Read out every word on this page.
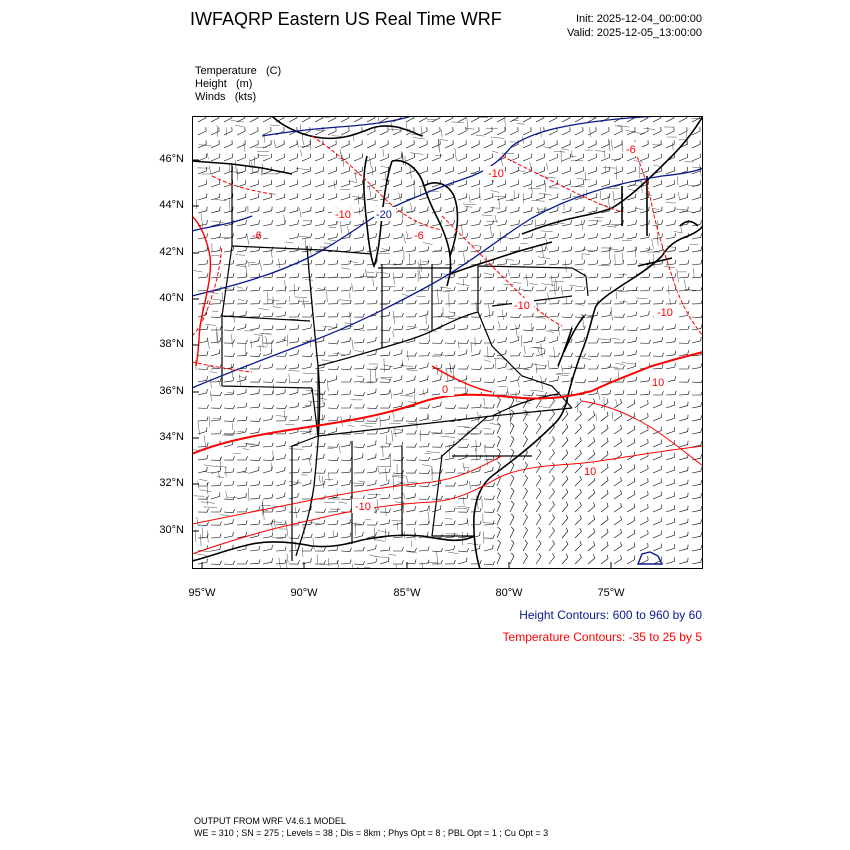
IWFAQRP Eastern US Real Time WRF	Init: 2025-12-04_00:00:00
Valid: 2025-12-05_13:00:00
Temperature (C)
Height (m)
Winds (kts)
-10
-20
-10
-6
-10
-10
-6
-10
0
10
10
-6
46°N
44°N
42°N
40°N
38°N
36°N
34°N
32°N
30°N
95°W	90°W	85°W	80°W	75°W
Height Contours: 600 to 960 by 60
Temperature Contours: -35 to 25 by 5
OUTPUT FROM WRF V4.6.1 MODEL
WE = 310 ; SN = 275 ; Levels = 38 ; Dis = 8km ; Phys Opt = 8 ; PBL Opt = 1 ; Cu Opt = 3
